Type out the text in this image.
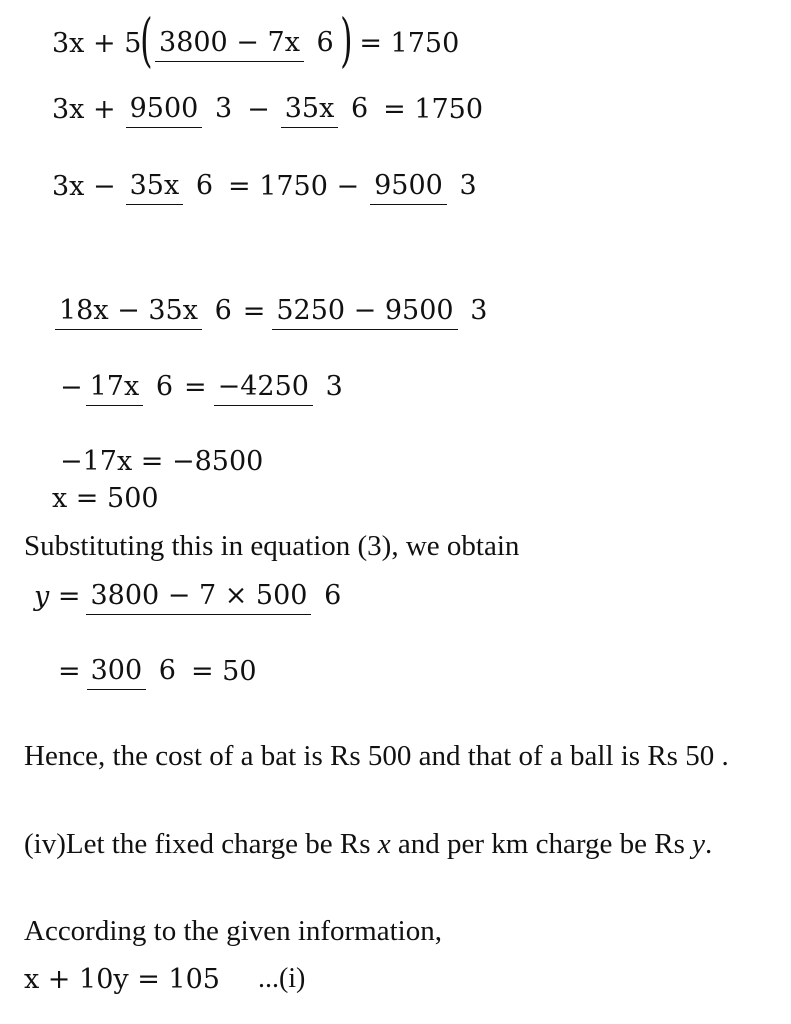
3x + 5 ( 3800 − 7x 6 ) = 1750
3x + 9500 3 − 35x 6 = 1750
3x − 35x 6 = 1750 − 9500 3
18x − 35x 6 = 5250 − 9500 3
− 17x 6 = −4250 3
−17x = −8500
x = 500
Substituting this in equation (3), we obtain
y = 3800 − 7 × 500 6
= 300 6 = 50
Hence, the cost of a bat is Rs 500 and that of a ball is Rs 50 .
(iv)Let the fixed charge be Rs x and per km charge be Rs y.
According to the given information,
x + 10y = 105 ...(i)
